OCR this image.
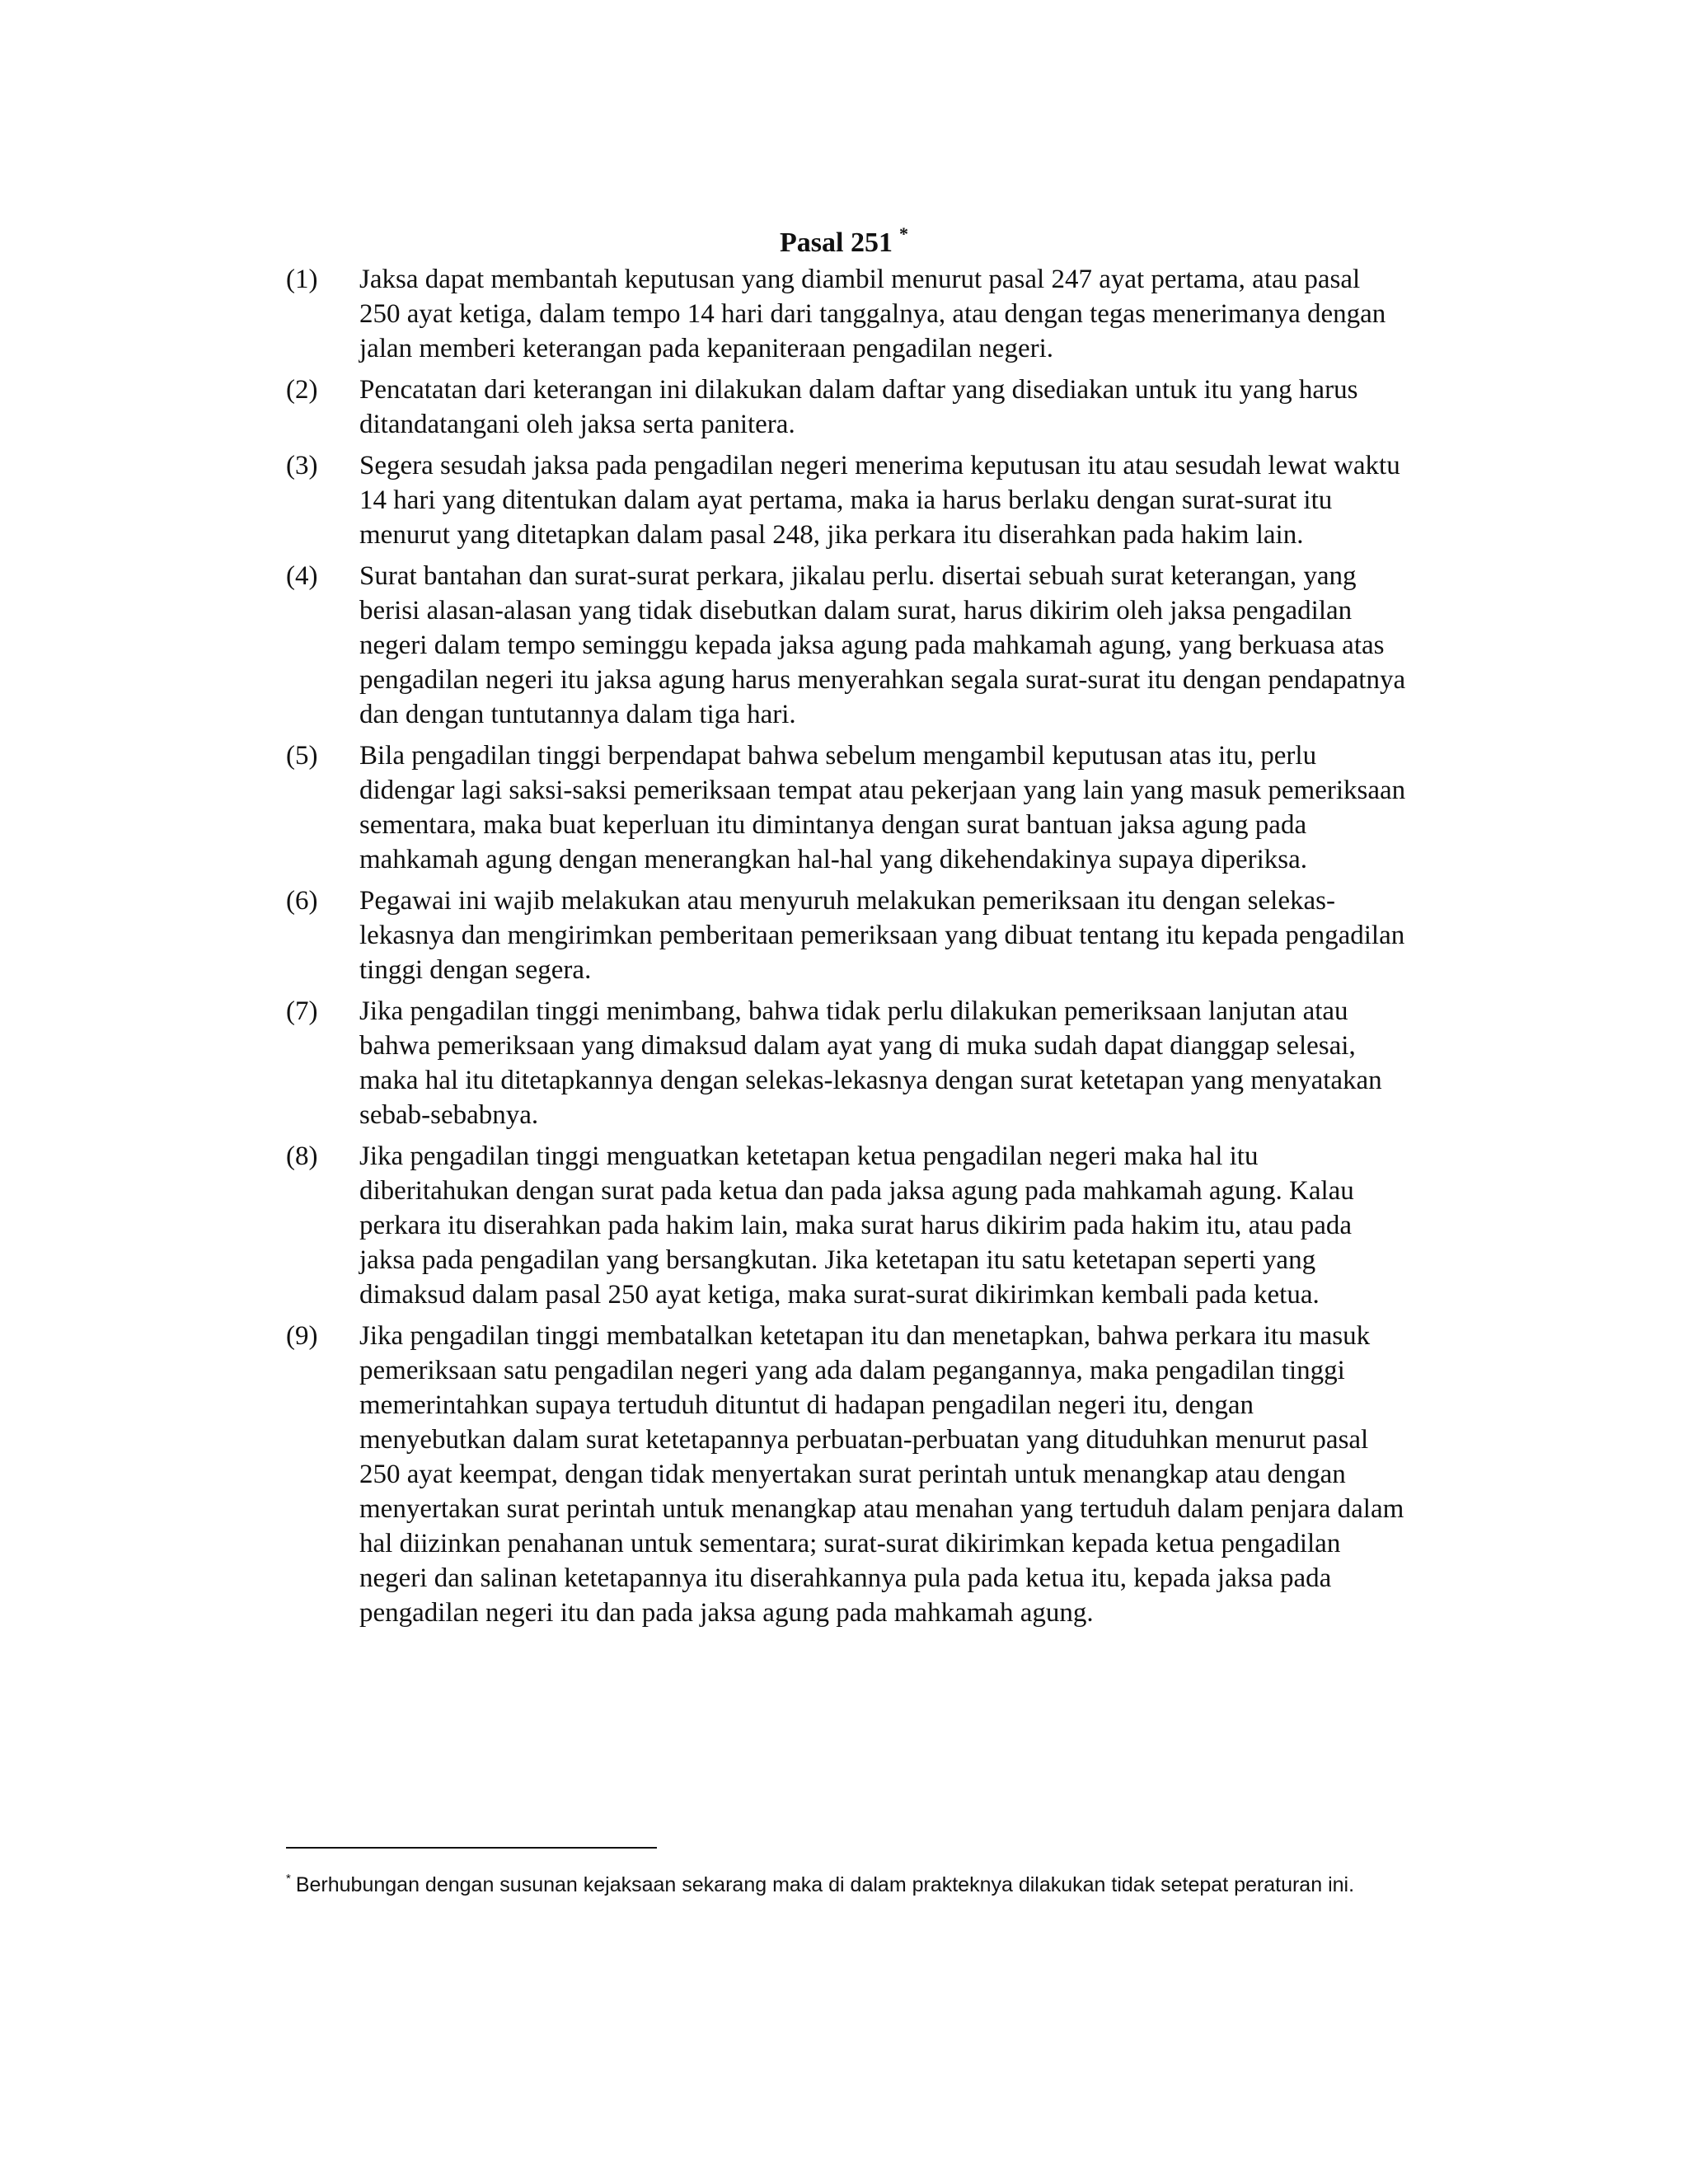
Pasal 251 *
(1)	Jaksa dapat membantah keputusan yang diambil menurut pasal 247 ayat pertama, atau pasal 250 ayat ketiga, dalam tempo 14 hari dari tanggalnya, atau dengan tegas menerimanya dengan jalan memberi keterangan pada kepaniteraan pengadilan negeri.
(2)	Pencatatan dari keterangan ini dilakukan dalam daftar yang disediakan untuk itu yang harus ditandatangani oleh jaksa serta panitera.
(3)	Segera sesudah jaksa pada pengadilan negeri menerima keputusan itu atau sesudah lewat waktu 14 hari yang ditentukan dalam ayat pertama, maka ia harus berlaku dengan surat-surat itu menurut yang ditetapkan dalam pasal 248, jika perkara itu diserahkan pada hakim lain.
(4)	Surat bantahan dan surat-surat perkara, jikalau perlu. disertai sebuah surat keterangan, yang berisi alasan-alasan yang tidak disebutkan dalam surat, harus dikirim oleh jaksa pengadilan negeri dalam tempo seminggu kepada jaksa agung pada mahkamah agung, yang berkuasa atas pengadilan negeri itu jaksa agung harus menyerahkan segala surat-surat itu dengan pendapatnya dan dengan tuntutannya dalam tiga hari.
(5)	Bila pengadilan tinggi berpendapat bahwa sebelum mengambil keputusan atas itu, perlu didengar lagi saksi-saksi pemeriksaan tempat atau pekerjaan yang lain yang masuk pemeriksaan sementara, maka buat keperluan itu dimintanya dengan surat bantuan jaksa agung pada mahkamah agung dengan menerangkan hal-hal yang dikehendakinya supaya diperiksa.
(6)	Pegawai ini wajib melakukan atau menyuruh melakukan pemeriksaan itu dengan selekas-lekasnya dan mengirimkan pemberitaan pemeriksaan yang dibuat tentang itu kepada pengadilan tinggi dengan segera.
(7)	Jika pengadilan tinggi menimbang, bahwa tidak perlu dilakukan pemeriksaan lanjutan atau bahwa pemeriksaan yang dimaksud dalam ayat yang di muka sudah dapat dianggap selesai, maka hal itu ditetapkannya dengan selekas-lekasnya dengan surat ketetapan yang menyatakan sebab-sebabnya.
(8)	Jika pengadilan tinggi menguatkan ketetapan ketua pengadilan negeri maka hal itu diberitahukan dengan surat pada ketua dan pada jaksa agung pada mahkamah agung. Kalau perkara itu diserahkan pada hakim lain, maka surat harus dikirim pada hakim itu, atau pada jaksa pada pengadilan yang bersangkutan. Jika ketetapan itu satu ketetapan seperti yang dimaksud dalam pasal 250 ayat ketiga, maka surat-surat dikirimkan kembali pada ketua.
(9)	Jika pengadilan tinggi membatalkan ketetapan itu dan menetapkan, bahwa perkara itu masuk pemeriksaan satu pengadilan negeri yang ada dalam pegangannya, maka pengadilan tinggi memerintahkan supaya tertuduh dituntut di hadapan pengadilan negeri itu, dengan menyebutkan dalam surat ketetapannya perbuatan-perbuatan yang dituduhkan menurut pasal 250 ayat keempat, dengan tidak menyertakan surat perintah untuk menangkap atau dengan menyertakan surat perintah untuk menangkap atau menahan yang tertuduh dalam penjara dalam hal diizinkan penahanan untuk sementara; surat-surat dikirimkan kepada ketua pengadilan negeri dan salinan ketetapannya itu diserahkannya pula pada ketua itu, kepada jaksa pada pengadilan negeri itu dan pada jaksa agung pada mahkamah agung.
* Berhubungan dengan susunan kejaksaan sekarang maka di dalam prakteknya dilakukan tidak setepat peraturan ini.
